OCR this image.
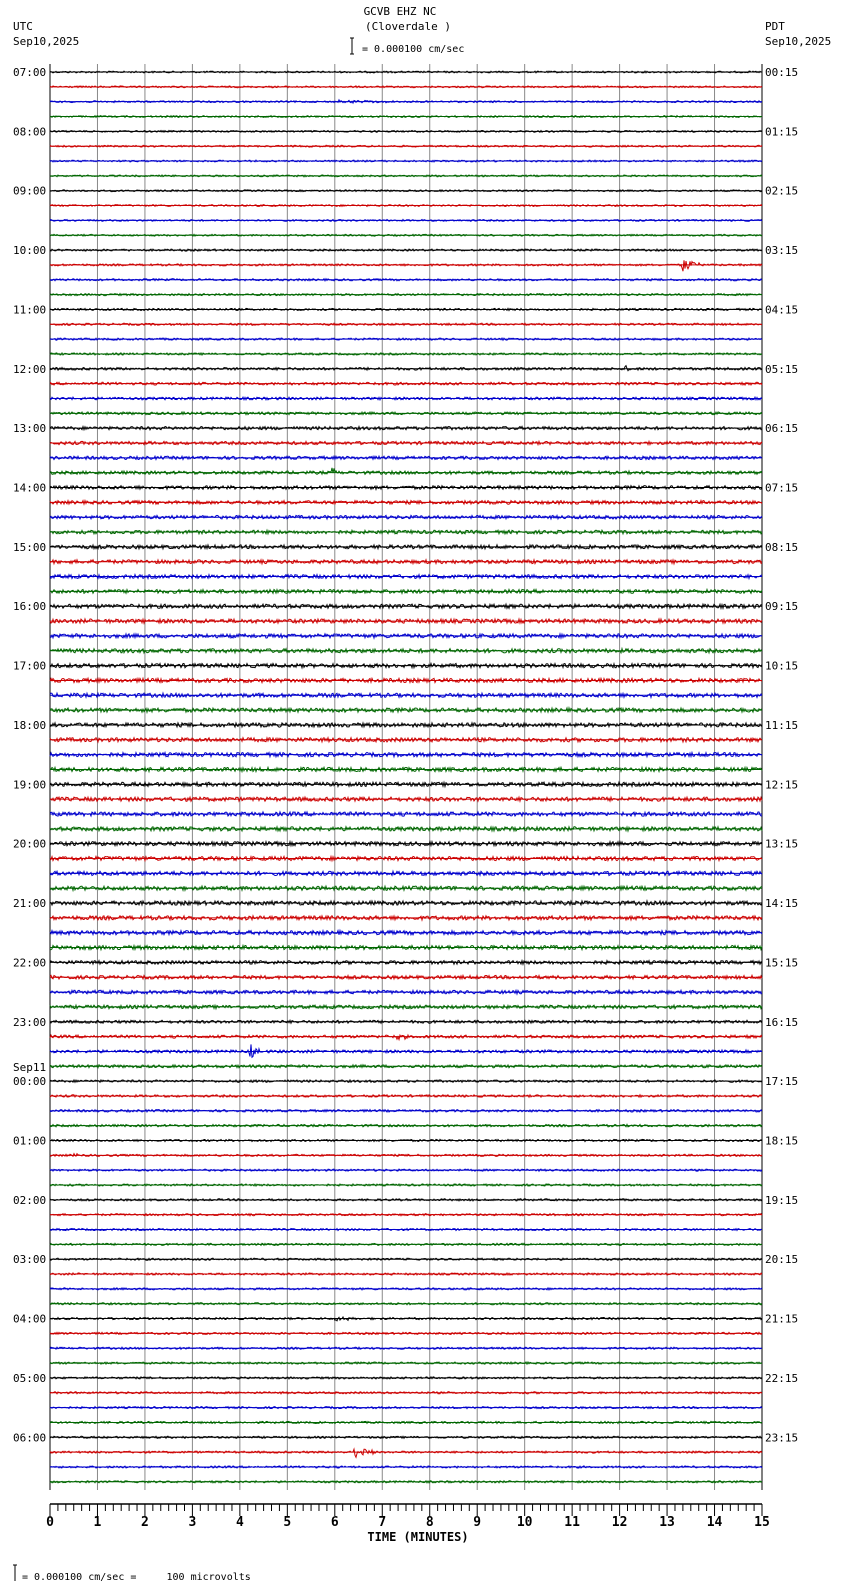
GCVB EHZ NC
(Cloverdale )
UTC
Sep10,2025
PDT
Sep10,2025
= 0.000100 cm/sec
07:00
08:00
09:00
10:00
11:00
12:00
13:00
14:00
15:00
16:00
17:00
18:00
19:00
20:00
21:00
22:00
23:00
00:00
Sep11
01:00
02:00
03:00
04:00
05:00
06:00
00:15
01:15
02:15
03:15
04:15
05:15
06:15
07:15
08:15
09:15
10:15
11:15
12:15
13:15
14:15
15:15
16:15
17:15
18:15
19:15
20:15
21:15
22:15
23:15
0	1	2	3	4	5	6	7	8	9	10 11 12 13 14 15
TIME (MINUTES)
= 0.000100 cm/sec =     100 microvolts
